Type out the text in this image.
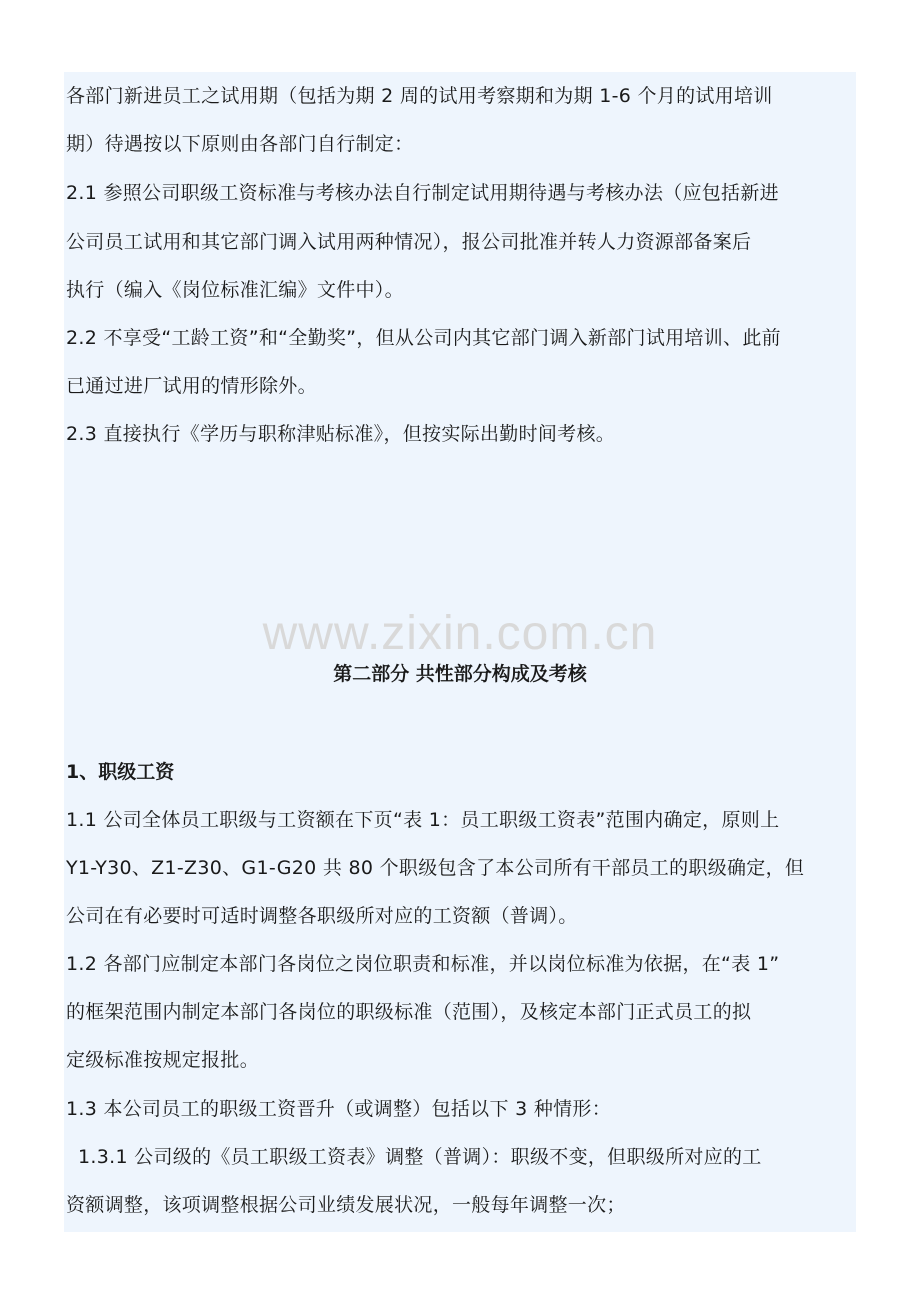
各部门新进员工之试用期（包括为期 2 周的试用考察期和为期 1-6 个月的试用培训
期）待遇按以下原则由各部门自行制定：
2.1 参照公司职级工资标准与考核办法自行制定试用期待遇与考核办法（应包括新进
公司员工试用和其它部门调入试用两种情况），报公司批准并转人力资源部备案后
执行（编入《岗位标准汇编》文件中）。
2.2 不享受“工龄工资”和“全勤奖”，但从公司内其它部门调入新部门试用培训、此前
已通过进厂试用的情形除外。
2.3 直接执行《学历与职称津贴标准》，但按实际出勤时间考核。
www.zixin.com.cn
第二部分 共性部分构成及考核
1、职级工资
1.1 公司全体员工职级与工资额在下页“表 1：员工职级工资表”范围内确定，原则上
Y1-Y30、Z1-Z30、G1-G20 共 80 个职级包含了本公司所有干部员工的职级确定，但
公司在有必要时可适时调整各职级所对应的工资额（普调）。
1.2 各部门应制定本部门各岗位之岗位职责和标准，并以岗位标准为依据，在“表 1”
的框架范围内制定本部门各岗位的职级标准（范围），及核定本部门正式员工的拟
定级标准按规定报批。
1.3 本公司员工的职级工资晋升（或调整）包括以下 3 种情形：
1.3.1 公司级的《员工职级工资表》调整（普调）：职级不变，但职级所对应的工
资额调整，该项调整根据公司业绩发展状况，一般每年调整一次；
